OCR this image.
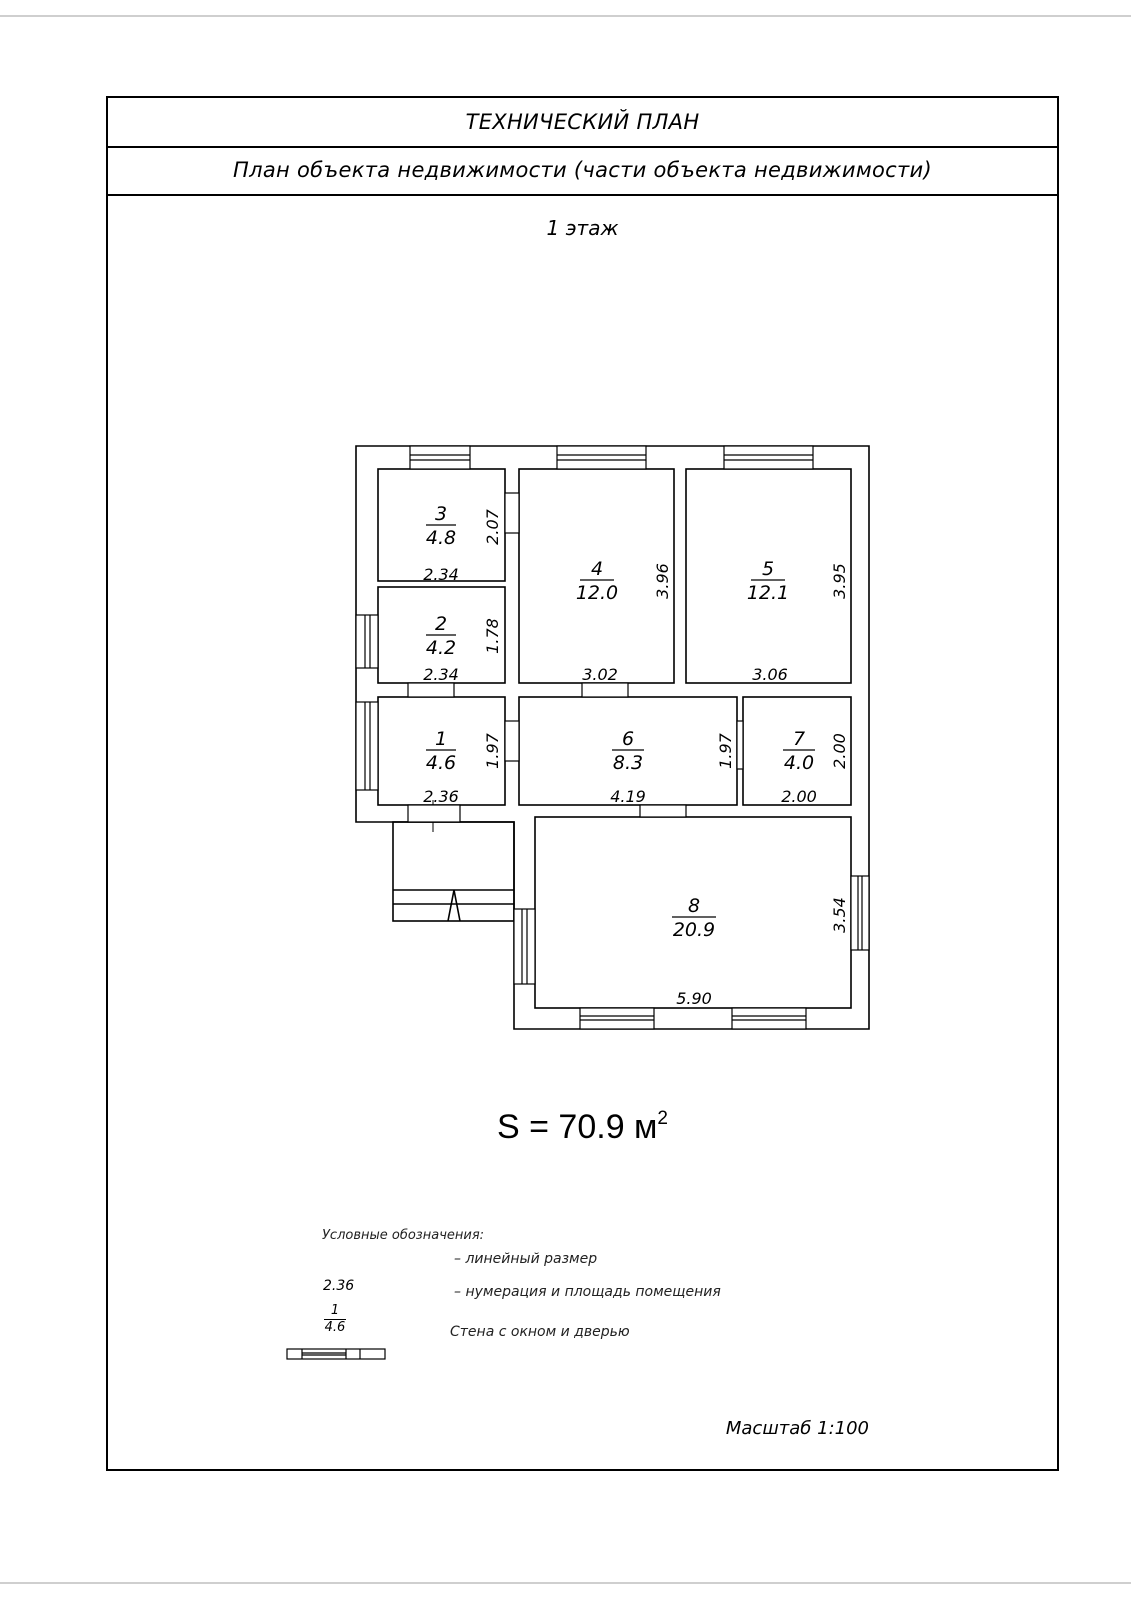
ТЕХНИЧЕСКИЙ ПЛАН
План объекта недвижимости (части объекта недвижимости)
1 этаж
S = 70.9 $м^2$
Условные обозначения:
2.36
– линейный размер
$\frac{1}{4.6}$
– нумерация и площадь помещения
Стена с окном и дверью
Масштаб 1:100
3
4.8
2
4.2
1
4.6
4
12.0
5
12.1
6
8.3
7
4.0
8
20.9
2.34
2.34
2.36
3.02	3.06
4.19	2.00
5.90
2.07
1.78
1.97
3.96	3.95
1.97	2.00
3.54
